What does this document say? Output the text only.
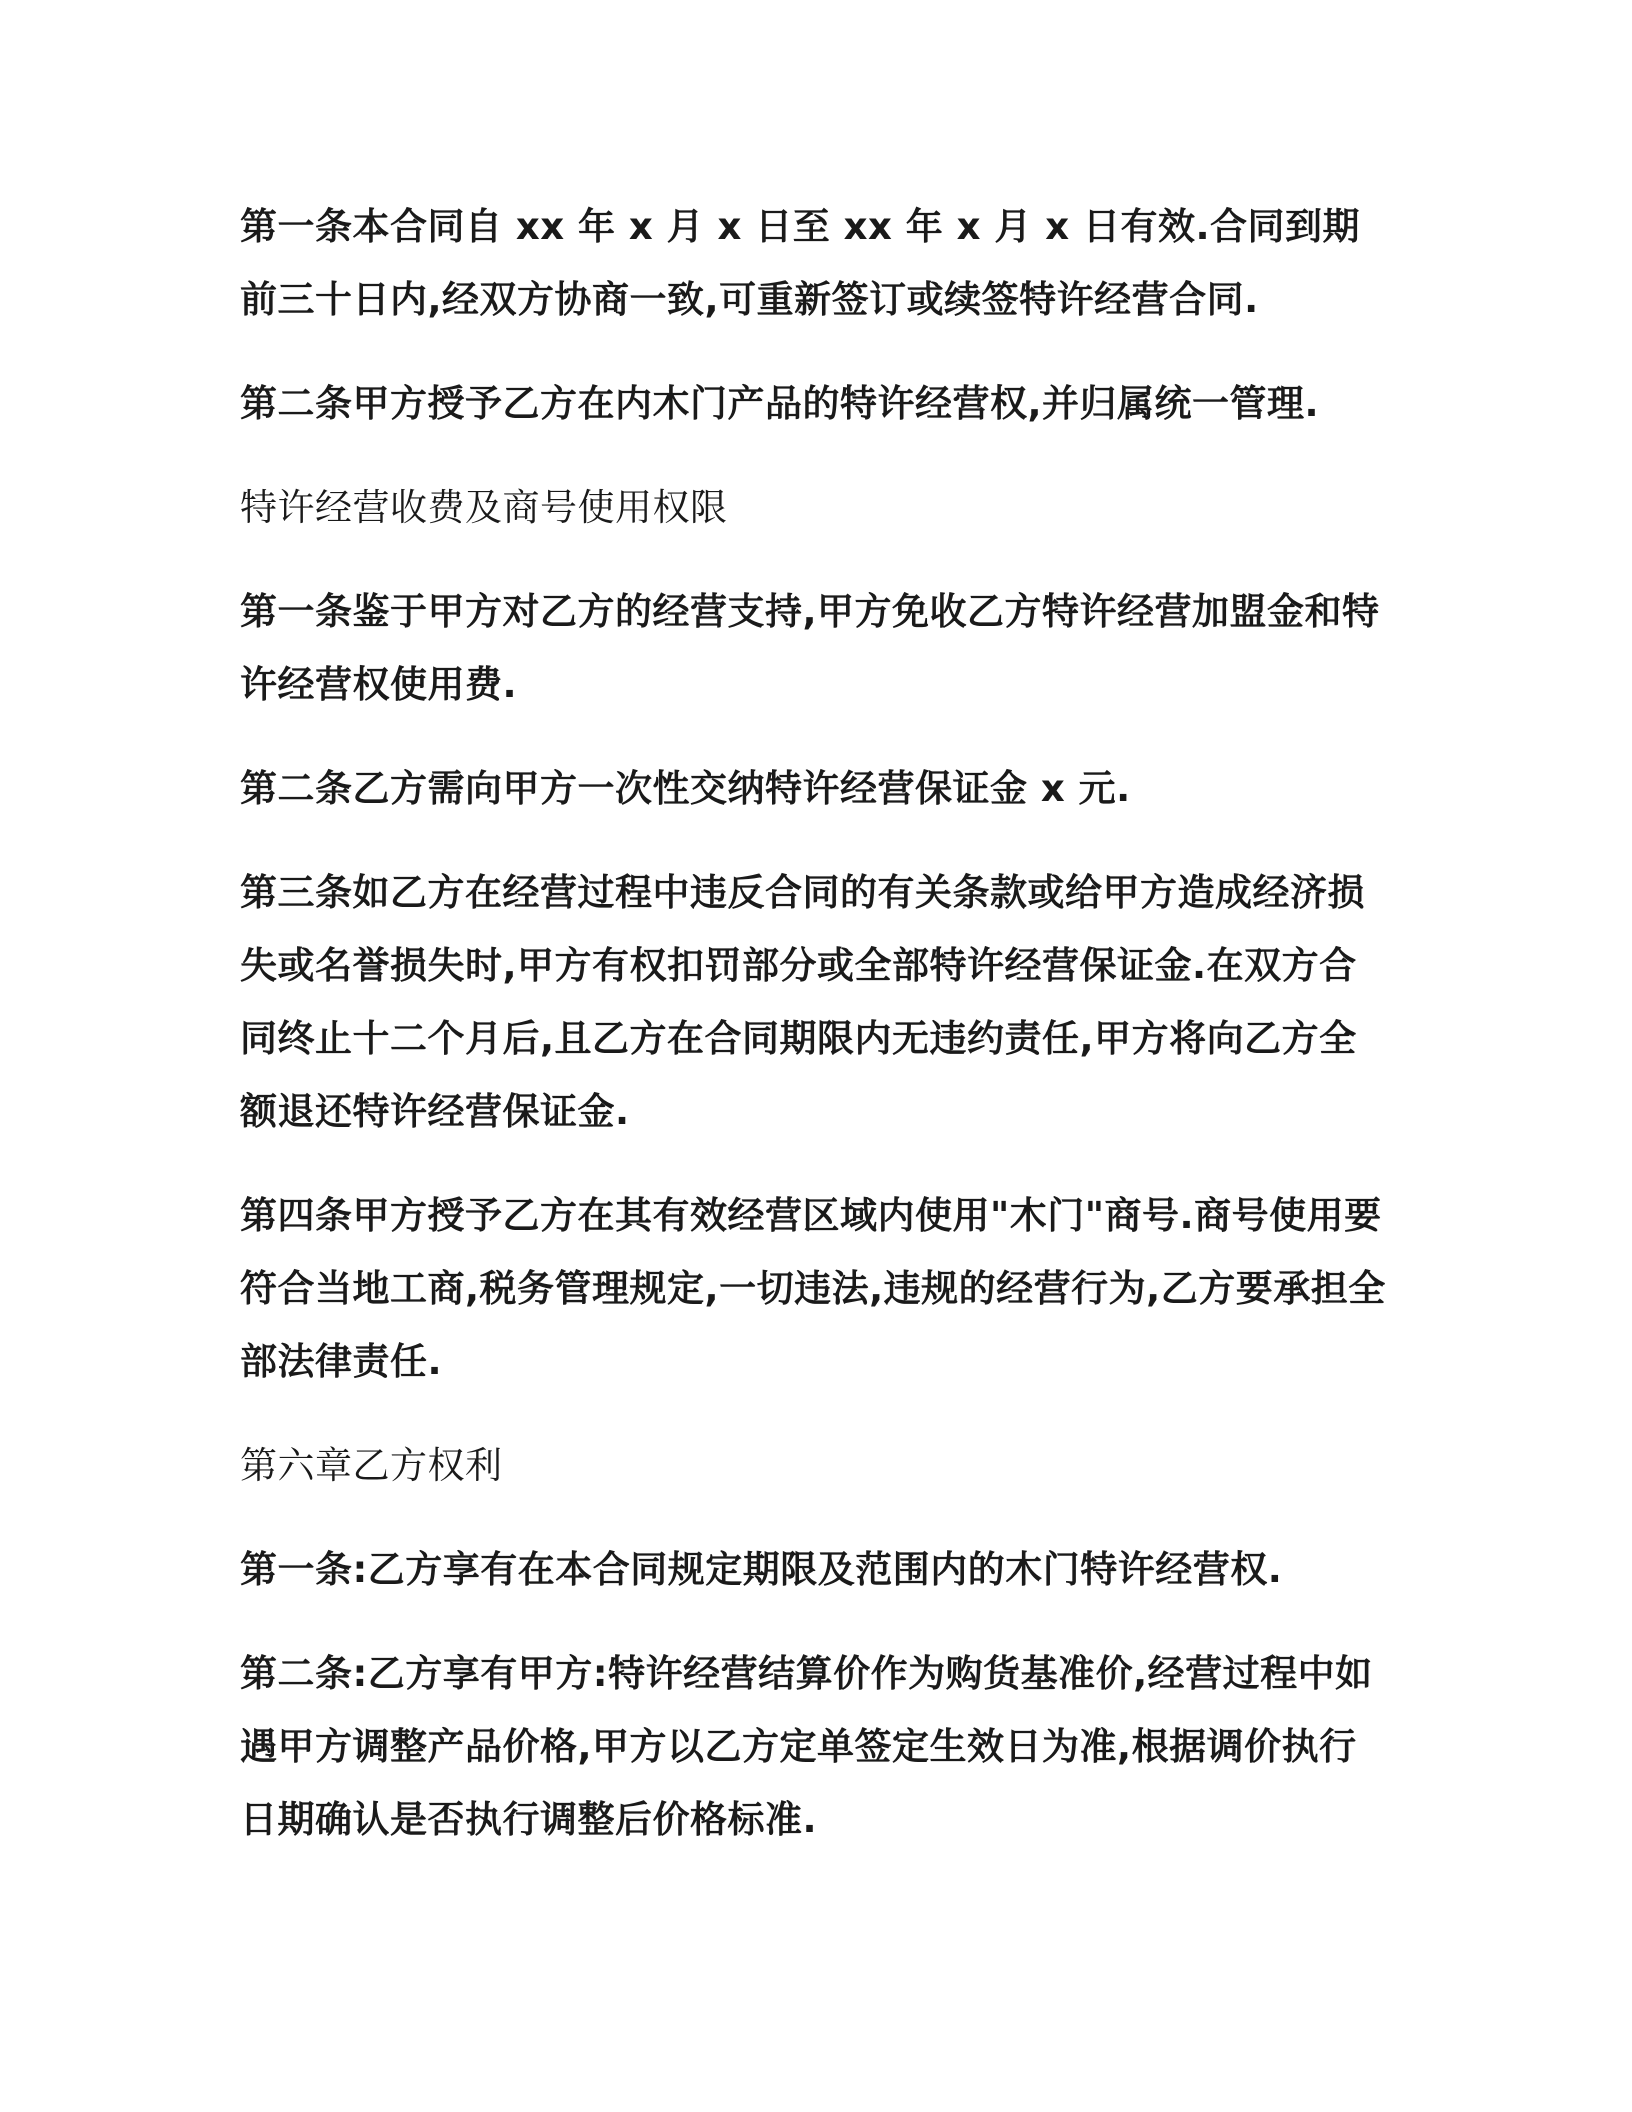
第一条本合同自 xx 年 x 月 x 日至 xx 年 x 月 x 日有效.合同到期前三十日内,经双方协商一致,可重新签订或续签特许经营合同.

第二条甲方授予乙方在内木门产品的特许经营权,并归属统一管理.

特许经营收费及商号使用权限

第一条鉴于甲方对乙方的经营支持,甲方免收乙方特许经营加盟金和特许经营权使用费.

第二条乙方需向甲方一次性交纳特许经营保证金 x 元.

第三条如乙方在经营过程中违反合同的有关条款或给甲方造成经济损失或名誉损失时,甲方有权扣罚部分或全部特许经营保证金.在双方合同终止十二个月后,且乙方在合同期限内无违约责任,甲方将向乙方全额退还特许经营保证金.

第四条甲方授予乙方在其有效经营区域内使用"木门"商号.商号使用要符合当地工商,税务管理规定,一切违法,违规的经营行为,乙方要承担全部法律责任.

第六章乙方权利

第一条:乙方享有在本合同规定期限及范围内的木门特许经营权.

第二条:乙方享有甲方:特许经营结算价作为购货基准价,经营过程中如遇甲方调整产品价格,甲方以乙方定单签定生效日为准,根据调价执行日期确认是否执行调整后价格标准.
